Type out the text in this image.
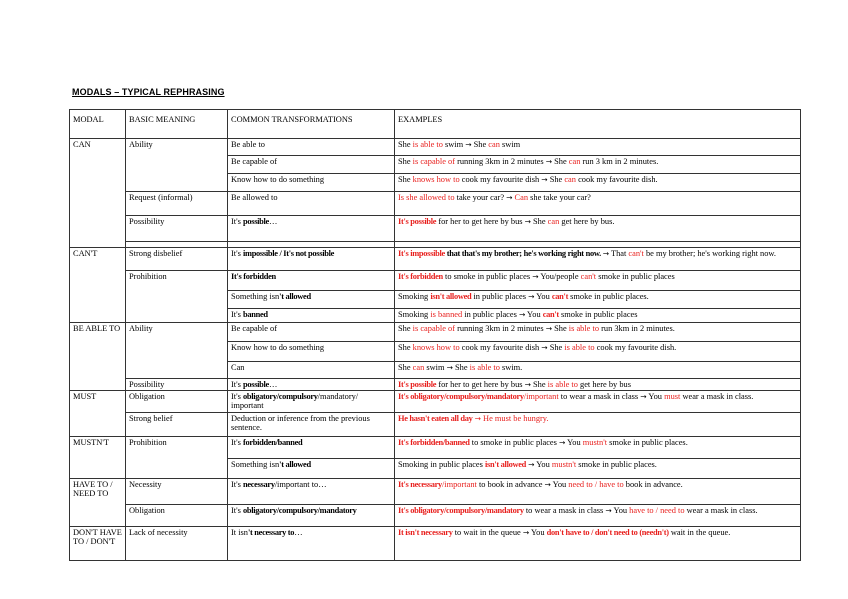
MODALS – TYPICAL REPHRASING
MODAL	BASIC MEANING	COMMON TRANSFORMATIONS	EXAMPLES
CAN	Ability	Be able to	She is able to swim → She can swim
		Be capable of	She is capable of running 3km in 2 minutes → She can run 3 km in 2 minutes.
		Know how to do something	She knows how to cook my favourite dish → She can cook my favourite dish.
	Request (informal)	Be allowed to	Is she allowed to take your car? → Can she take your car?
	Possibility	It's possible…	It's possible for her to get here by bus → She can get here by bus.

CAN'T	Strong disbelief	It's impossible / It's not possible	It's impossible that that's my brother; he's working right now. → That can't be my brother; he's working right now.
	Prohibition	It's forbidden	It's forbidden to smoke in public places → You/people can't smoke in public places
		Something isn't allowed	Smoking isn't allowed in public places → You can't smoke in public places.
		It's banned	Smoking is banned in public places → You can't smoke in public places
BE ABLE TO	Ability	Be capable of	She is capable of running 3km in 2 minutes → She is able to run 3km in 2 minutes.
		Know how to do something	She knows how to cook my favourite dish → She is able to cook my favourite dish.
		Can	She can swim → She is able to swim.
	Possibility	It's possible…	It's possible for her to get here by bus → She is able to get here by bus
MUST	Obligation	It's obligatory/compulsory/mandatory/ important	It's obligatory/compulsory/mandatory/important to wear a mask in class → You must wear a mask in class.
	Strong belief	Deduction or inference from the previous sentence.	He hasn't eaten all day → He must be hungry.
MUSTN'T	Prohibition	It's forbidden/banned	It's forbidden/banned to smoke in public places → You mustn't smoke in public places.
		Something isn't allowed	Smoking in public places isn't allowed → You mustn't smoke in public places.
HAVE TO / NEED TO	Necessity	It's necessary/important to…	It's necessary/important to book in advance → You need to / have to book in advance.
	Obligation	It's obligatory/compulsory/mandatory	It's obligatory/compulsory/mandatory to wear a mask in class → You have to / need to wear a mask in class.
DON'T HAVE TO / DON'T	Lack of necessity	It isn't necessary to…	It isn't necessary to wait in the queue → You don't have to / don't need to (needn't) wait in the queue.
